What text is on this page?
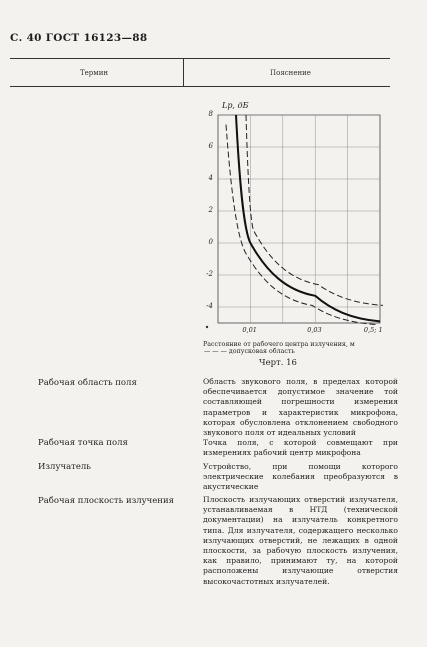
С. 40 ГОСТ 16123—88
Термин	Пояснение
Lp, дБ
8
6
4
2
0
-2
-4
0,01	0,03	0,5; 1
Расстояние от рабочего центра излучения, м
— — — допусковая область
Черт. 16
Рабочая область поля	Область звукового поля, в пределах которой обеспечивается допустимое значение той составляющей погрешности измерения параметров и характеристик микрофона, которая обусловлена отклонением свободного звукового поля от идеальных условий
Рабочая точка поля	Точка поля, с которой совмещают при измерениях рабочий центр микрофона
Излучатель	Устройство, при помощи которого электрические колебания преобразуются в акустические
Рабочая плоскость излучения	Плоскость излучающих отверстий излучателя, устанавливаемая в НТД (технической документации) на излучатель конкретного типа. Для излучателя, содержащего несколько излучающих отверстий, не лежащих в одной плоскости, за рабочую плоскость излучения, как правило, принимают ту, на которой расположены излучающие отверстия высокочастотных излучателей.
